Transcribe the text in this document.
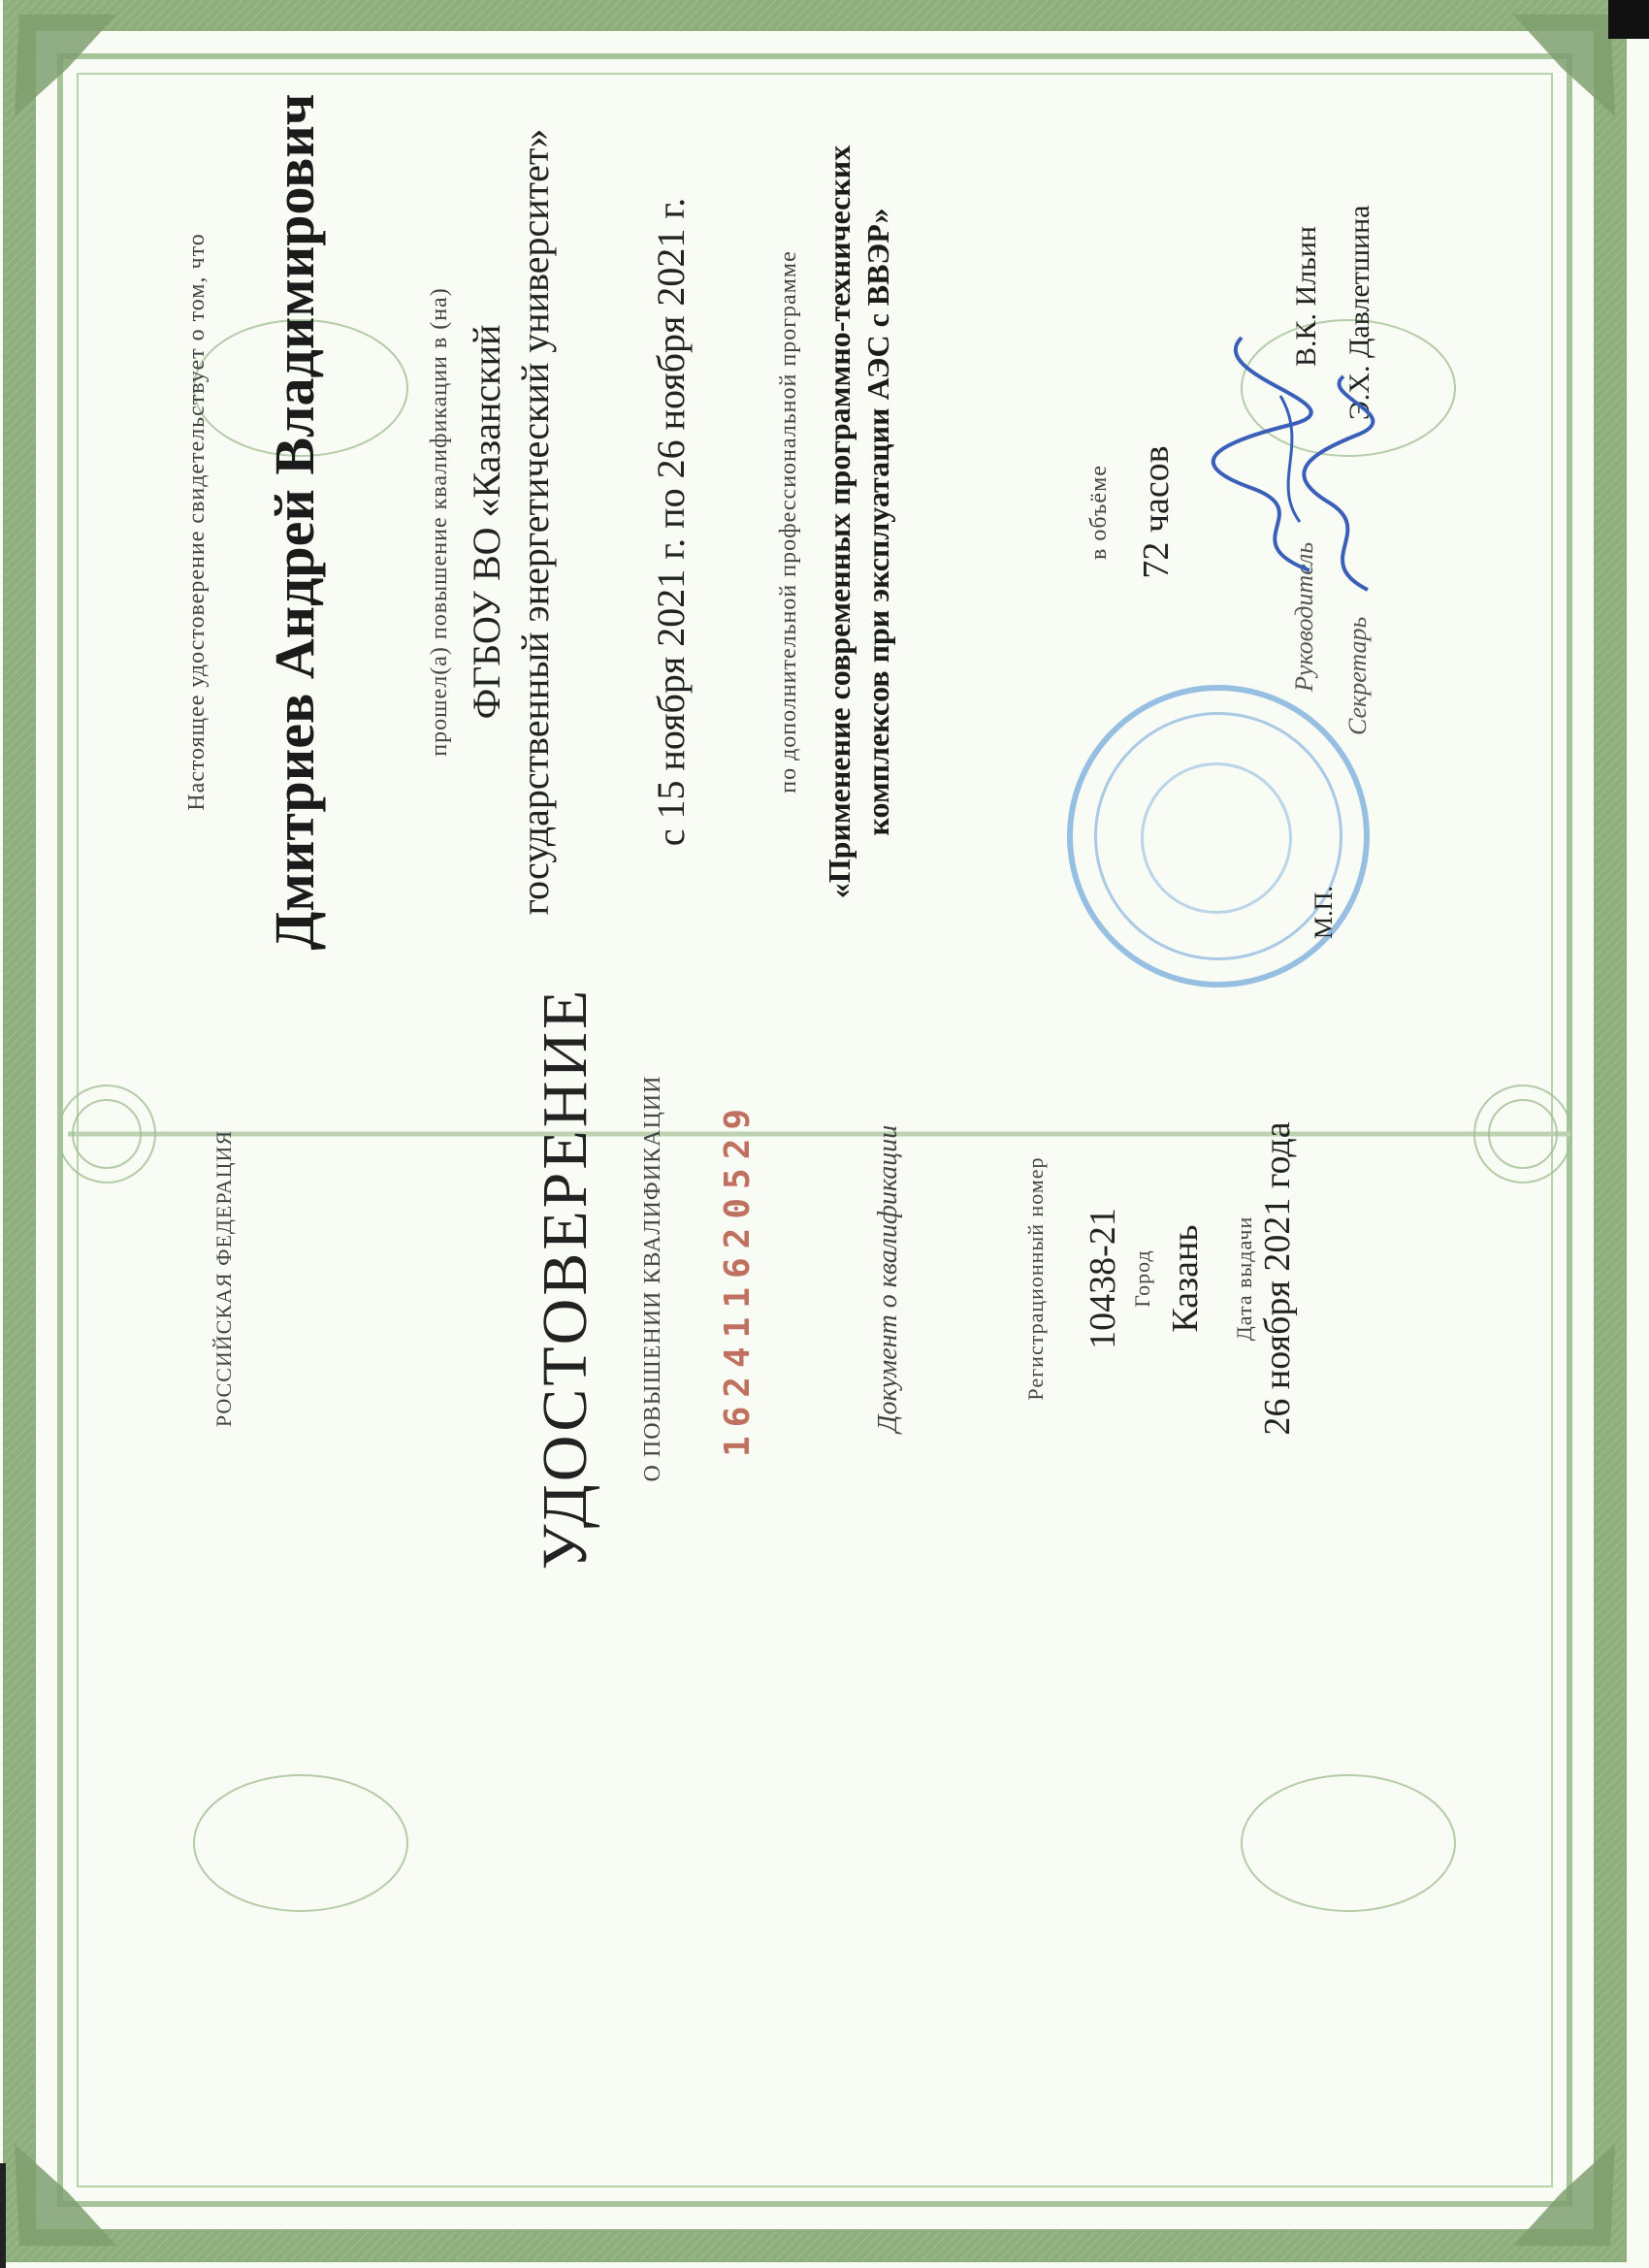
РОССИЙСКАЯ ФЕДЕРАЦИЯ	УДОСТОВЕРЕНИЕ О ПОВЫШЕНИИ КВАЛИФИКАЦИИ 162411620529	Документ о квалификации	Регистрационный номер 10438-21 Город Казань Дата выдачи 26 ноября 2021 года
Настоящее удостоверение свидетельствует о том, что Дмитриев Андрей Владимирович	прошел(а) повышение квалификации в (на) ФГБОУ ВО «Казанский государственный энергетический университет» с 15 ноября 2021 г. по 26 ноября 2021 г.	по дополнительной профессиональной программе «Применение современных программно-технических комплексов при эксплуатации АЭС с ВВЭР»	в объёме 72 часов
Руководитель
В.К. Ильин
Секретарь
Э.Х. Давлетшина
М.П.
